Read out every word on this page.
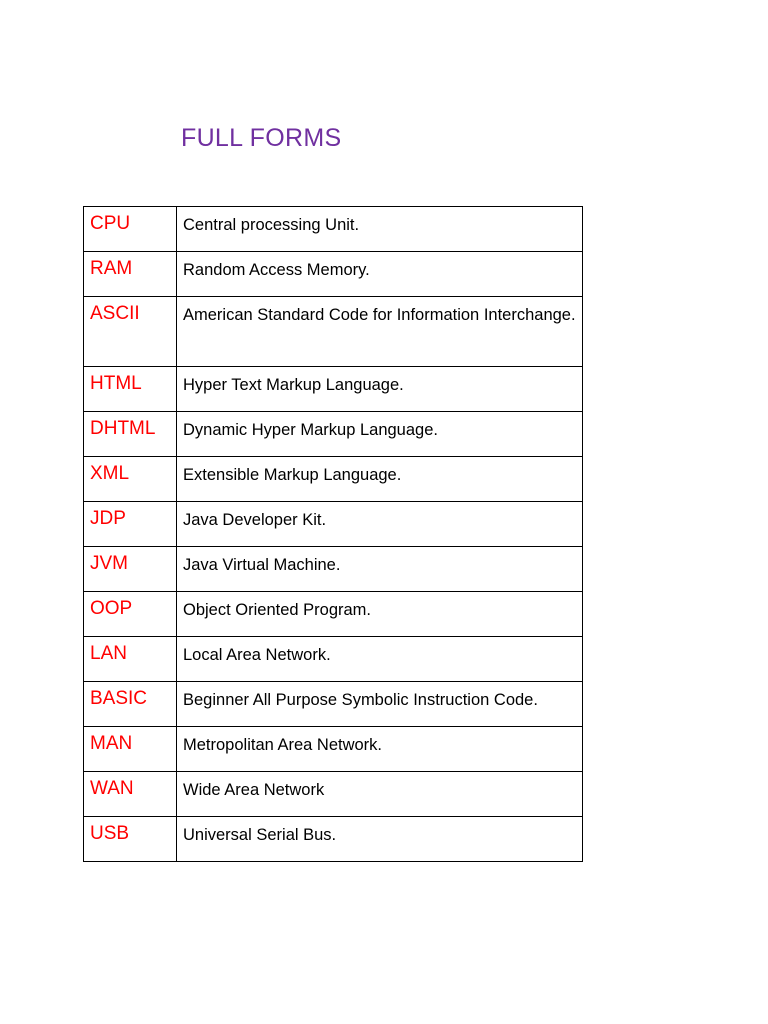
FULL FORMS
CPU	Central processing Unit.
RAM	Random Access Memory.
ASCII	American Standard Code for Information Interchange.
HTML	Hyper Text Markup Language.
DHTML	Dynamic Hyper Markup Language.
XML	Extensible Markup Language.
JDP	Java Developer Kit.
JVM	Java Virtual Machine.
OOP	Object Oriented Program.
LAN	Local Area Network.
BASIC	Beginner All Purpose Symbolic Instruction Code.
MAN	Metropolitan Area Network.
WAN	Wide Area Network
USB	Universal Serial Bus.
